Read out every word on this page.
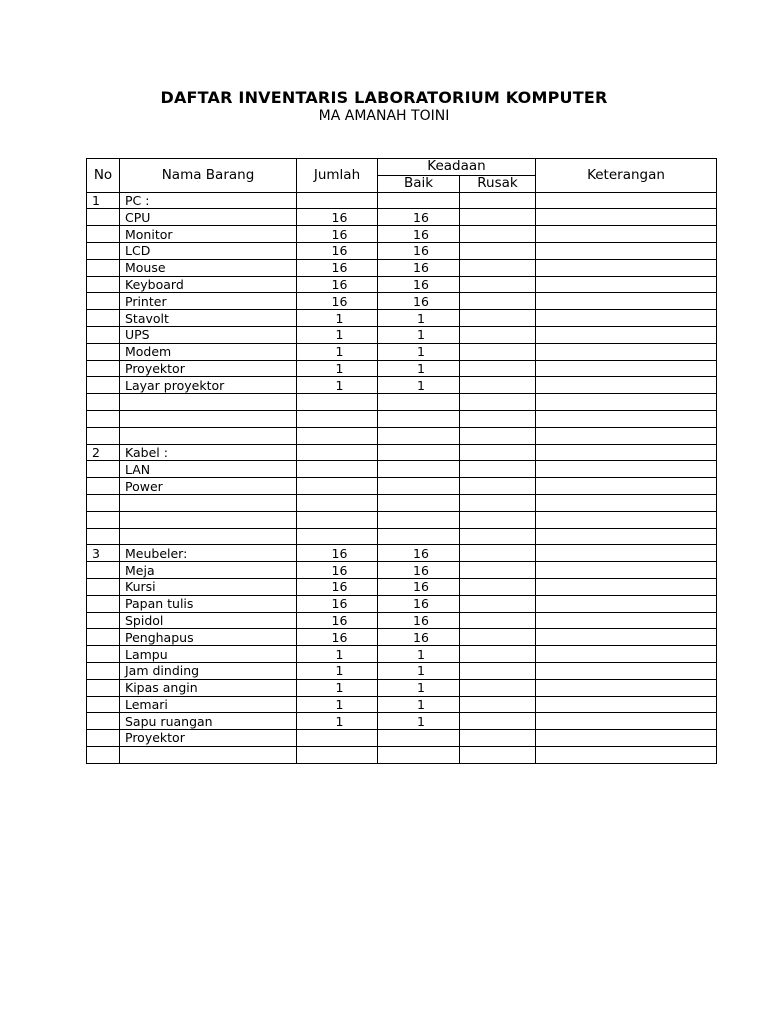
DAFTAR INVENTARIS LABORATORIUM KOMPUTER
MA AMANAH TOINI
No	Nama Barang	Jumlah	Keadaan		Keterangan
			Baik	Rusak	
1	PC :				
	CPU	16	16		
	Monitor	16	16		
	LCD	16	16		
	Mouse	16	16		
	Keyboard	16	16		
	Printer	16	16		
	Stavolt	1	1		
	UPS	1	1		
	Modem	1	1		
	Proyektor	1	1		
	Layar proyektor	1	1		

2	Kabel :				
	LAN				
	Power				

3	Meubeler:	16	16		
	Meja	16	16		
	Kursi	16	16		
	Papan tulis	16	16		
	Spidol	16	16		
	Penghapus	16	16		
	Lampu	1	1		
	Jam dinding	1	1		
	Kipas angin	1	1		
	Lemari	1	1		
	Sapu ruangan	1	1		
	Proyektor				
